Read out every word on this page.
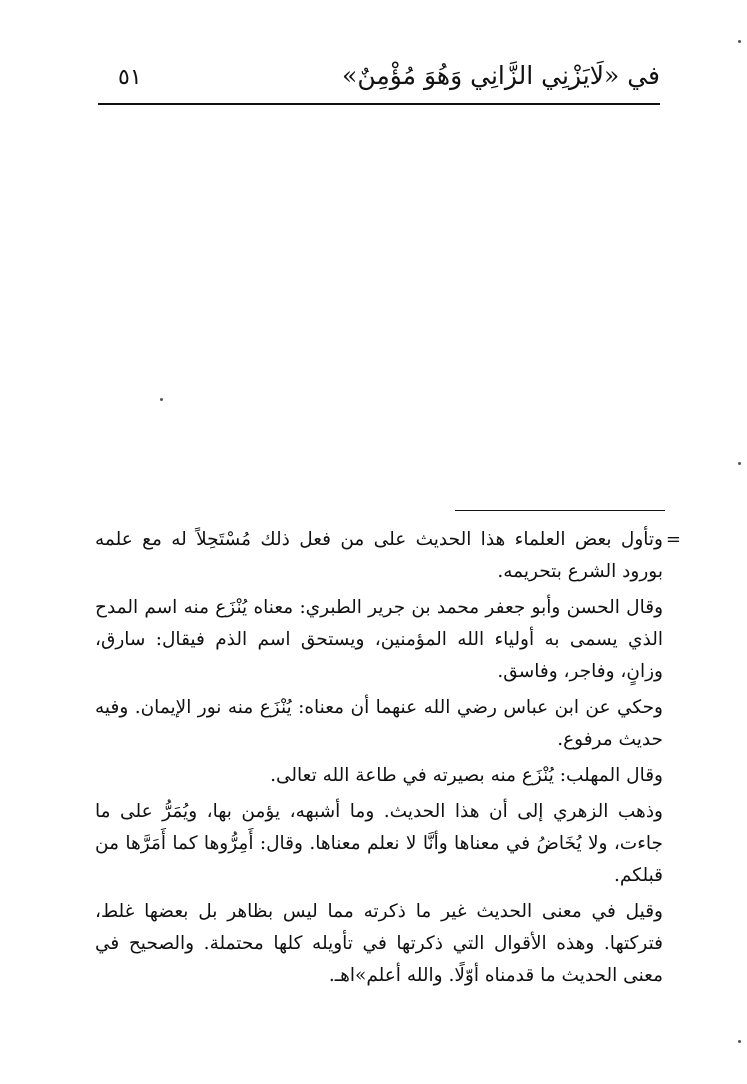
في «لَايَزْنِي الزَّانِي وَهُوَ مُؤْمِنٌ»
٥١
=

وتأول بعض العلماء هذا الحديث على من فعل ذلك مُسْتَحِلاً له مع علمه بورود الشرع بتحريمه.

وقال الحسن وأبو جعفر محمد بن جرير الطبري: معناه يُنْزَع منه اسم المدح الذي يسمى به أولياء الله المؤمنين، ويستحق اسم الذم فيقال: سارق، وزانٍ، وفاجر، وفاسق.

وحكي عن ابن عباس رضي الله عنهما أن معناه: يُنْزَع منه نور الإيمان. وفيه حديث مرفوع.

وقال المهلب: يُنْزَع منه بصيرته في طاعة الله تعالى.

وذهب الزهري إلى أن هذا الحديث. وما أشبهه، يؤمن بها، ويُمَرُّ على ما جاءت، ولا يُخَاضُ في معناها وأنَّا لا نعلم معناها. وقال: أَمِرُّوها كما أَمَرَّها من قبلكم.

وقيل في معنى الحديث غير ما ذكرته مما ليس بظاهر بل بعضها غلط، فتركتها. وهذه الأقوال التي ذكرتها في تأويله كلها محتملة. والصحيح في معنى الحديث ما قدمناه أوّلًا. والله أعلم»اهـ.
